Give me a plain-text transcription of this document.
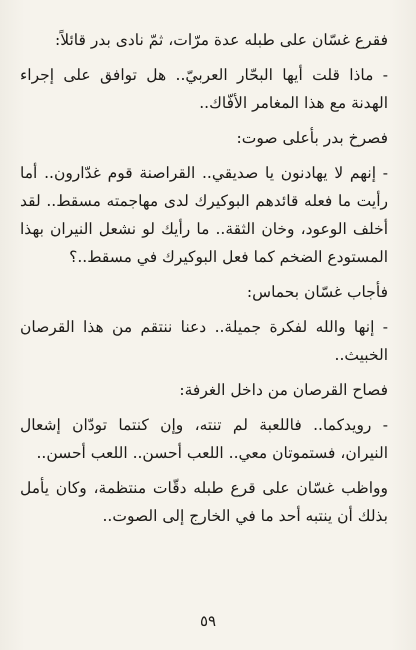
فقرع غسّان على طبله عدة مرّات، ثمّ نادى بدر قائلاً:

- ماذا قلت أيها البحّار العربيّ.. هل توافق على إجراء الهدنة مع هذا المغامر الأفّاك..

فصرخ بدر بأعلى صوت:

- إنهم لا يهادنون يا صديقي.. القراصنة قوم غدّارون.. أما رأيت ما فعله قائدهم البوكيرك لدى مهاجمته مسقط.. لقد أخلف الوعود، وخان الثقة.. ما رأيك لو نشعل النيران بهذا المستودع الضخم كما فعل البوكيرك في مسقط..؟

فأجاب غسّان بحماس:

- إنها والله لفكرة جميلة.. دعنا ننتقم من هذا القرصان الخبيث..

فصاح القرصان من داخل الغرفة:

- رويدكما.. فاللعبة لم تنته، وإن كنتما تودّان إشعال النيران، فستموتان معي.. اللعب أحسن.. اللعب أحسن..

وواظب غسّان على قرع طبله دقّات منتظمة، وكان يأمل بذلك أن ينتبه أحد ما في الخارج إلى الصوت..

٥٩
